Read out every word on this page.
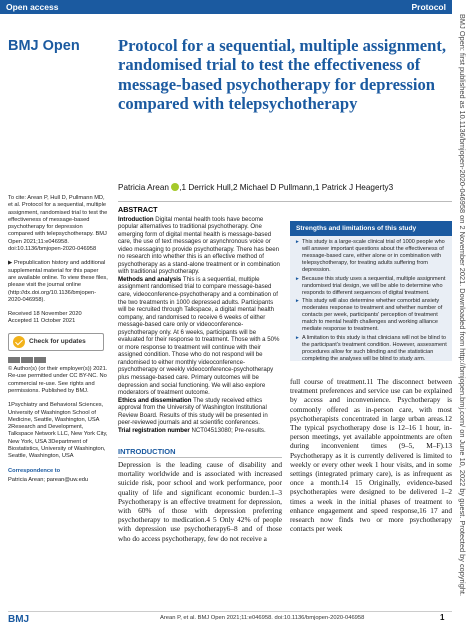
Open access	Protocol
BMJ Open: first published as 10.1136/bmjopen-2020-046958 on 2 November 2021. Downloaded from http://bmjopen.bmj.com/ on June 10, 2022 by guest. Protected by copyright.
BMJ Open Protocol for a sequential, multiple assignment, randomised trial to test the effectiveness of message-based psychotherapy for depression compared with telepsychotherapy
Patricia Arean ,1 Derrick Hull,2 Michael D Pullmann,1 Patrick J Heagerty3

To cite: Arean P, Hull D, Pullmann MD, et al. Protocol for a sequential, multiple assignment, randomised trial to test the effectiveness of message-based psychotherapy for depression compared with telepsychotherapy. BMJ Open 2021;11:e046958. doi:10.1136/bmjopen-2020-046958

▶ Prepublication history and additional supplemental material for this paper are available online. To view these files, please visit the journal online (http://dx.doi.org/10.1136/bmjopen-2020-046958).

Received 18 November 2020
Accepted 11 October 2021

Check for updates

© Author(s) (or their employer(s)) 2021. Re-use permitted under CC BY-NC. No commercial re-use. See rights and permissions. Published by BMJ.

1Psychiatry and Behavioral Sciences, University of Washington School of Medicine, Seattle, Washington, USA 2Research and Development, Talkspace Network LLC, New York City, New York, USA 3Department of Biostatistics, University of Washington, Seattle, Washington, USA

Correspondence to

Patricia Arean; parean@uw.edu

ABSTRACT

Introduction Digital mental health tools have become popular alternatives to traditional psychotherapy. One emerging form of digital mental health is message-based care, the use of text messages or asynchronous voice or video messaging to provide psychotherapy. There has been no research into whether this is an effective method of psychotherapy as a stand-alone treatment or in combination with traditional psychotherapy.

Methods and analysis This is a sequential, multiple assignment randomised trial to compare message-based care, videoconference-psychotherapy and a combination of the two treatments in 1000 depressed adults. Participants will be recruited through Talkspace, a digital mental health company, and randomised to receive 6 weeks of either message-based care only or videoconference-psychotherapy only. At 6 weeks, participants will be evaluated for their response to treatment. Those with a 50% or more response to treatment will continue with their assigned condition. Those who do not respond will be randomised to either monthly videoconference-psychotherapy or weekly videoconference-psychotherapy plus message-based care. Primary outcomes will be depression and social functioning. We will also explore moderators of treatment outcome.

Ethics and dissemination The study received ethics approval from the University of Washington Institutional Review Board. Results of this study will be presented in peer-reviewed journals and at scientific conferences.

Trial registration number NCT04513080; Pre-results.

Strengths and limitations of this study
► This study is a large-scale clinical trial of 1000 people who will answer important questions about the effectiveness of message-based care, either alone or in combination with telepsychotherapy, for treating adults suffering from depression.
► Because this study uses a sequential, multiple assignment randomised trial design, we will be able to determine who responds to different sequences of digital treatment.
► This study will also determine whether comorbid anxiety moderates response to treatment and whether number of contacts per week, participants' perception of treatment match to mental health challenges and working alliance mediate response to treatment.
► A limitation to this study is that clinicians will not be blind to the participant's treatment condition. However, assessment procedures allow for such blinding and the statistician completing the analyses will be blind to study arm.
INTRODUCTION

Depression is the leading cause of disability and mortality worldwide and is associated with increased suicide risk, poor school and work performance, poor quality of life and significant economic burden.1–3 Psychotherapy is an effective treatment for depression, with 60% of those with depression preferring psychotherapy to medication.4 5 Only 42% of people with depression use psychotherapy6–8 and of those who do access psychotherapy, few do not receive a

full course of treatment.11 The disconnect between treatment preferences and service use can be explained by access and inconvenience. Psychotherapy is commonly offered as in-person care, with most psychotherapists concentrated in large urban areas.12 The typical psychotherapy dose is 12–16 1 hour, in-person meetings, yet available appointments are often during inconvenient times (9–5, M–F).13 Psychotherapy as it is currently delivered is limited to weekly or every other week 1 hour visits, and in some settings (integrated primary care), is as infrequent as once a month.14 15 Originally, evidence-based psychotherapies were designed to be delivered 1–2 times a week in the initial phases of treatment to enhance engagement and speed response,16 17 and research now finds two or more psychotherapy contacts per week

BMJ	Arean P, et al. BMJ Open 2021;11:e046958. doi:10.1136/bmjopen-2020-046958	1
